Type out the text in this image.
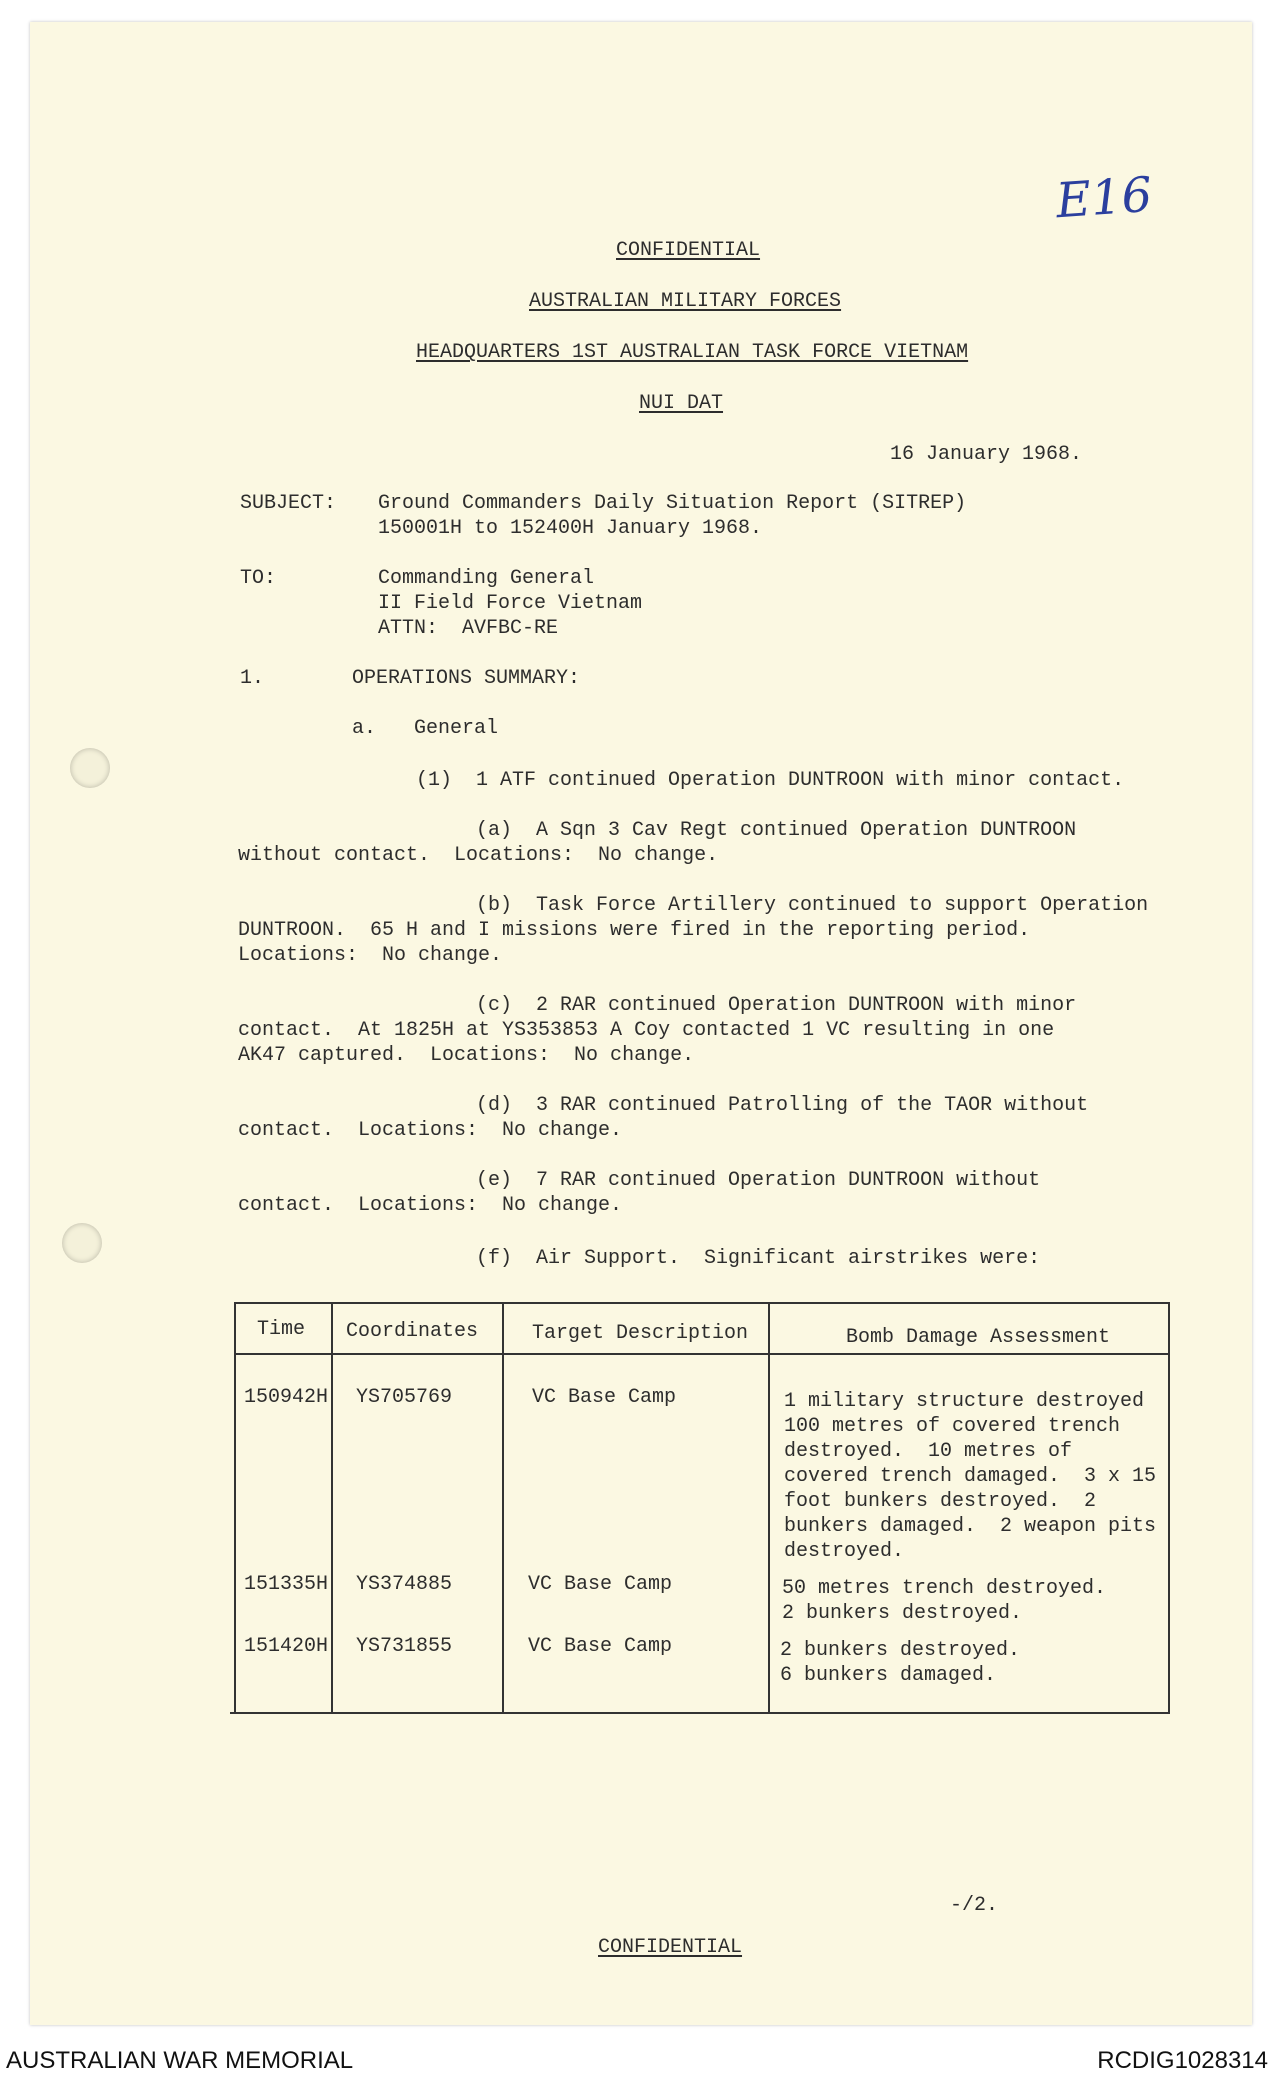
E16
CONFIDENTIAL
AUSTRALIAN MILITARY FORCES
HEADQUARTERS 1ST AUSTRALIAN TASK FORCE VIETNAM
NUI DAT
16 January 1968.
SUBJECT: Ground Commanders Daily Situation Report (SITREP)
150001H to 152400H January 1968.
TO:	Commanding General
II Field Force Vietnam
ATTN:  AVFBC-RE
1.	OPERATIONS SUMMARY:
a. General
(1)  1 ATF continued Operation DUNTROON with minor contact.
(a)  A Sqn 3 Cav Regt continued Operation DUNTROON
without contact.  Locations:  No change.
(b)  Task Force Artillery continued to support Operation
DUNTROON.  65 H and I missions were fired in the reporting period.
Locations:  No change.
(c)  2 RAR continued Operation DUNTROON with minor
contact.  At 1825H at YS353853 A Coy contacted 1 VC resulting in one
AK47 captured.  Locations:  No change.
(d)  3 RAR continued Patrolling of the TAOR without
contact.  Locations:  No change.
(e)  7 RAR continued Operation DUNTROON without
contact.  Locations:  No change.
(f)  Air Support.  Significant airstrikes were:
Time Coordinates	Target Description	Bomb Damage Assessment
150942H YS705769	VC Base Camp	1 military structure destroyed
100 metres of covered trench
destroyed.  10 metres of
covered trench damaged.  3 x 15
foot bunkers destroyed.  2
bunkers damaged.  2 weapon pits
destroyed.
151335H YS374885	VC Base Camp	50 metres trench destroyed.
2 bunkers destroyed.
151420H YS731855	VC Base Camp	2 bunkers destroyed.
6 bunkers damaged.
-/2.
CONFIDENTIAL
AUSTRALIAN WAR MEMORIAL	RCDIG1028314
